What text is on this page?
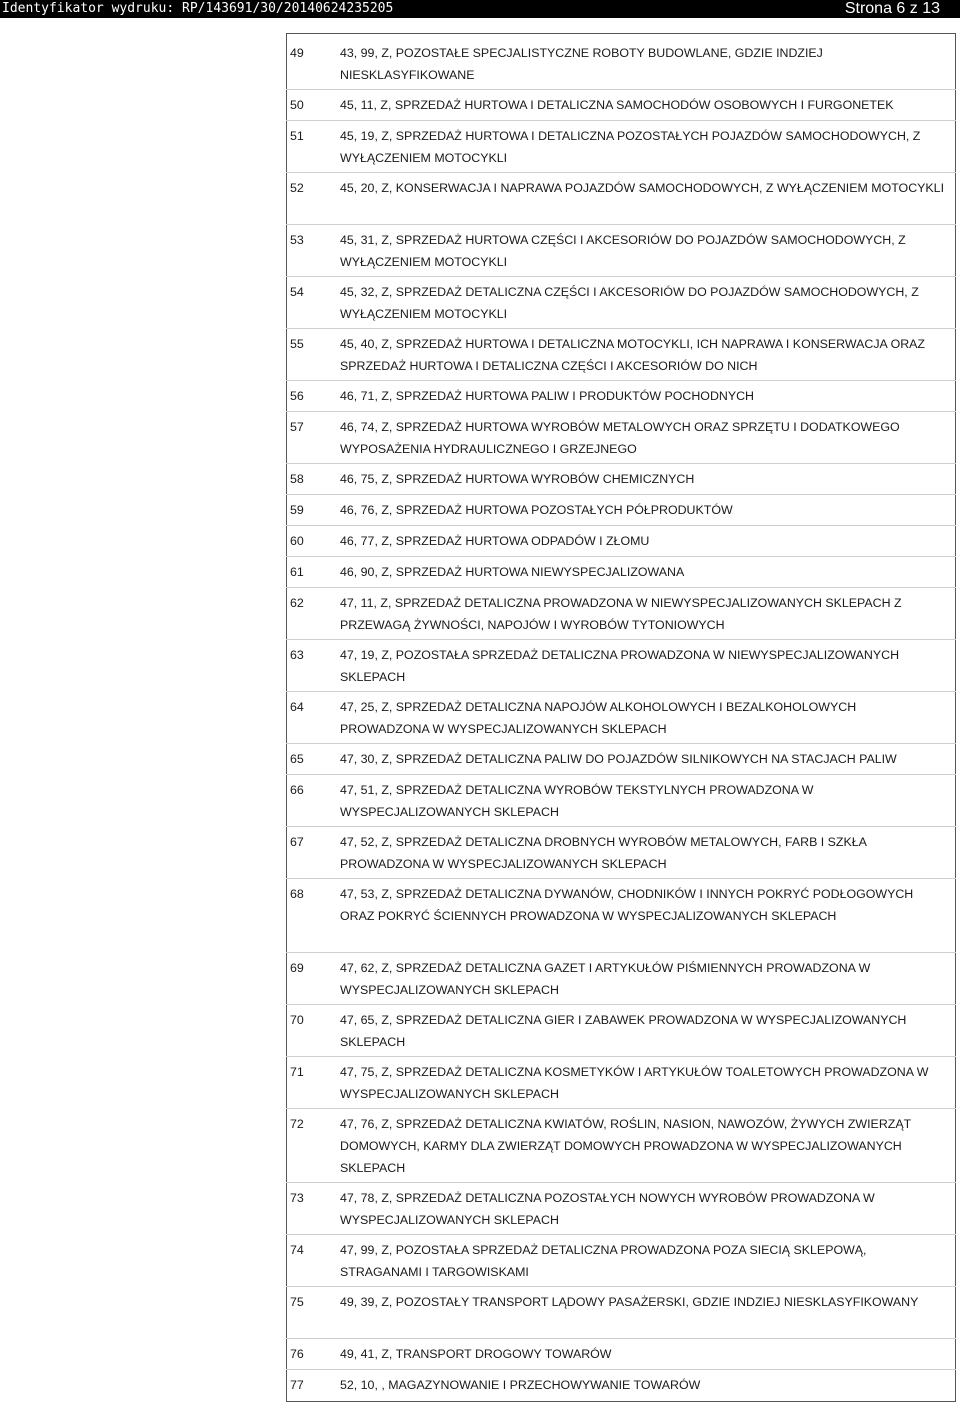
Identyfikator wydruku: RP/143691/30/20140624235205	Strona 6 z 13
49	43, 99, Z, POZOSTAŁE SPECJALISTYCZNE ROBOTY BUDOWLANE, GDZIE INDZIEJ NIESKLASYFIKOWANE
50	45, 11, Z, SPRZEDAŻ HURTOWA I DETALICZNA SAMOCHODÓW OSOBOWYCH I FURGONETEK
51	45, 19, Z, SPRZEDAŻ HURTOWA I DETALICZNA POZOSTAŁYCH POJAZDÓW SAMOCHODOWYCH, Z WYŁĄCZENIEM MOTOCYKLI
52	45, 20, Z, KONSERWACJA I NAPRAWA POJAZDÓW SAMOCHODOWYCH, Z WYŁĄCZENIEM MOTOCYKLI
53	45, 31, Z, SPRZEDAŻ HURTOWA CZĘŚCI I AKCESORIÓW DO POJAZDÓW SAMOCHODOWYCH, Z WYŁĄCZENIEM MOTOCYKLI
54	45, 32, Z, SPRZEDAŻ DETALICZNA CZĘŚCI I AKCESORIÓW DO POJAZDÓW SAMOCHODOWYCH, Z WYŁĄCZENIEM MOTOCYKLI
55	45, 40, Z, SPRZEDAŻ HURTOWA I DETALICZNA MOTOCYKLI, ICH NAPRAWA I KONSERWACJA ORAZ SPRZEDAŻ HURTOWA I DETALICZNA CZĘŚCI I AKCESORIÓW DO NICH
56	46, 71, Z, SPRZEDAŻ HURTOWA PALIW I PRODUKTÓW POCHODNYCH
57	46, 74, Z, SPRZEDAŻ HURTOWA WYROBÓW METALOWYCH ORAZ SPRZĘTU I DODATKOWEGO WYPOSAŻENIA HYDRAULICZNEGO I GRZEJNEGO
58	46, 75, Z, SPRZEDAŻ HURTOWA WYROBÓW CHEMICZNYCH
59	46, 76, Z, SPRZEDAŻ HURTOWA POZOSTAŁYCH PÓŁPRODUKTÓW
60	46, 77, Z, SPRZEDAŻ HURTOWA ODPADÓW I ZŁOMU
61	46, 90, Z, SPRZEDAŻ HURTOWA NIEWYSPECJALIZOWANA
62	47, 11, Z, SPRZEDAŻ DETALICZNA PROWADZONA W NIEWYSPECJALIZOWANYCH SKLEPACH Z PRZEWAGĄ ŻYWNOŚCI, NAPOJÓW I WYROBÓW TYTONIOWYCH
63	47, 19, Z, POZOSTAŁA SPRZEDAŻ DETALICZNA PROWADZONA W NIEWYSPECJALIZOWANYCH SKLEPACH
64	47, 25, Z, SPRZEDAŻ DETALICZNA NAPOJÓW ALKOHOLOWYCH I BEZALKOHOLOWYCH PROWADZONA W WYSPECJALIZOWANYCH SKLEPACH
65	47, 30, Z, SPRZEDAŻ DETALICZNA PALIW DO POJAZDÓW SILNIKOWYCH NA STACJACH PALIW
66	47, 51, Z, SPRZEDAŻ DETALICZNA WYROBÓW TEKSTYLNYCH PROWADZONA W WYSPECJALIZOWANYCH SKLEPACH
67	47, 52, Z, SPRZEDAŻ DETALICZNA DROBNYCH WYROBÓW METALOWYCH, FARB I SZKŁA PROWADZONA W WYSPECJALIZOWANYCH SKLEPACH
68	47, 53, Z, SPRZEDAŻ DETALICZNA DYWANÓW, CHODNIKÓW I INNYCH POKRYĆ PODŁOGOWYCH ORAZ POKRYĆ ŚCIENNYCH PROWADZONA W WYSPECJALIZOWANYCH SKLEPACH
69	47, 62, Z, SPRZEDAŻ DETALICZNA GAZET I ARTYKUŁÓW PIŚMIENNYCH PROWADZONA W WYSPECJALIZOWANYCH SKLEPACH
70	47, 65, Z, SPRZEDAŻ DETALICZNA GIER I ZABAWEK PROWADZONA W WYSPECJALIZOWANYCH SKLEPACH
71	47, 75, Z, SPRZEDAŻ DETALICZNA KOSMETYKÓW I ARTYKUŁÓW TOALETOWYCH PROWADZONA W WYSPECJALIZOWANYCH SKLEPACH
72	47, 76, Z, SPRZEDAŻ DETALICZNA KWIATÓW, ROŚLIN, NASION, NAWOZÓW, ŻYWYCH ZWIERZĄT DOMOWYCH, KARMY DLA ZWIERZĄT DOMOWYCH PROWADZONA W WYSPECJALIZOWANYCH SKLEPACH
73	47, 78, Z, SPRZEDAŻ DETALICZNA POZOSTAŁYCH NOWYCH WYROBÓW PROWADZONA W WYSPECJALIZOWANYCH SKLEPACH
74	47, 99, Z, POZOSTAŁA SPRZEDAŻ DETALICZNA PROWADZONA POZA SIECIĄ SKLEPOWĄ, STRAGANAMI I TARGOWISKAMI
75	49, 39, Z, POZOSTAŁY TRANSPORT LĄDOWY PASAŻERSKI, GDZIE INDZIEJ NIESKLASYFIKOWANY
76	49, 41, Z, TRANSPORT DROGOWY TOWARÓW
77	52, 10, , MAGAZYNOWANIE I PRZECHOWYWANIE TOWARÓW
